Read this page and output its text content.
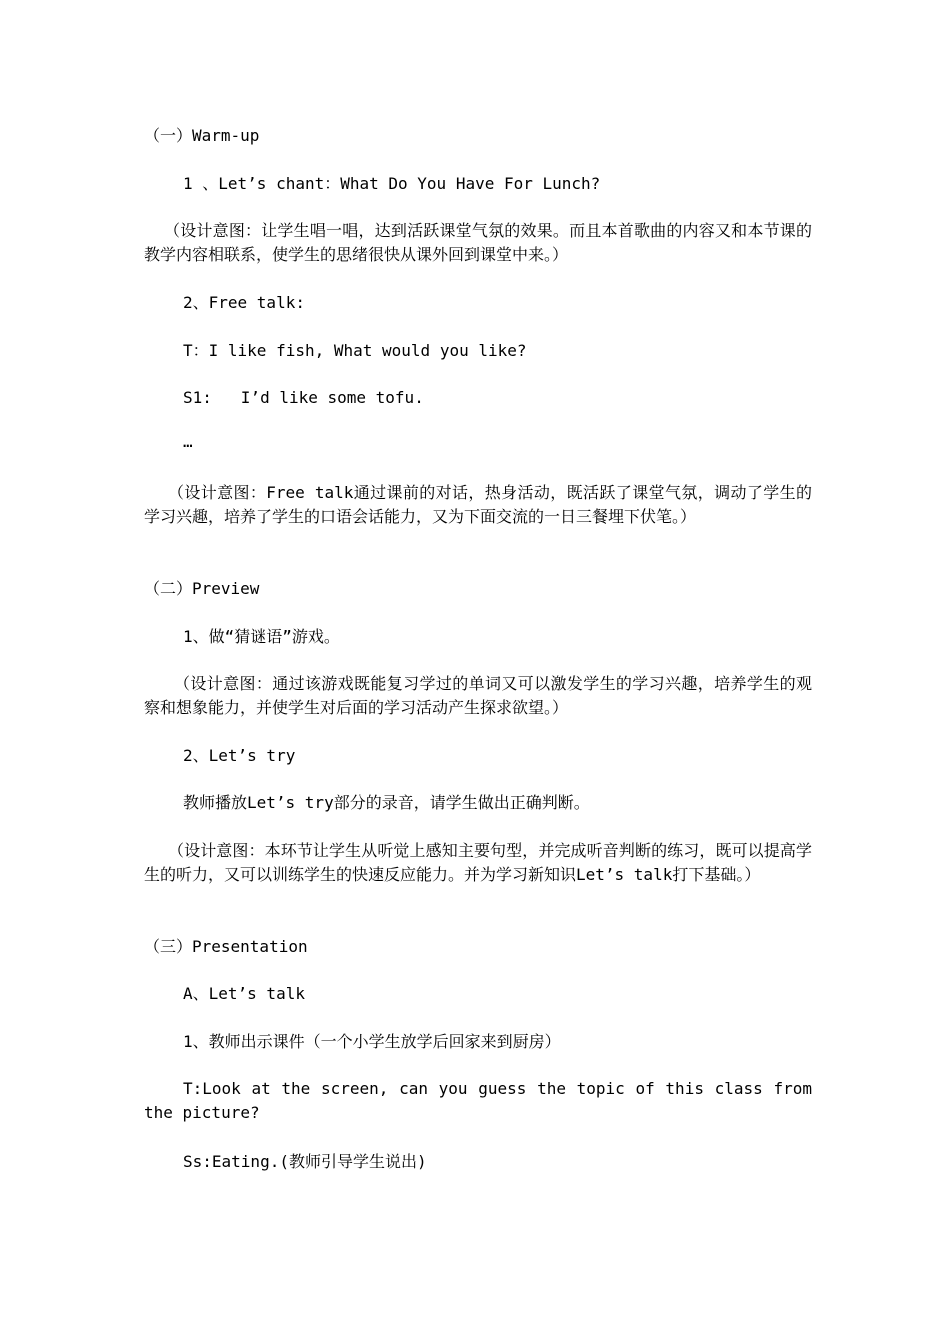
（一）Warm-up
1 、Let’s chant：What Do You Have For Lunch?
（设计意图：让学生唱一唱，达到活跃课堂气氛的效果。而且本首歌曲的内容又和本节课的教学内容相联系，使学生的思绪很快从课外回到课堂中来。）
2、Free talk:
T：I like fish, What would you like?
S1:   I’d like some tofu.
…
（设计意图：Free talk通过课前的对话，热身活动，既活跃了课堂气氛，调动了学生的学习兴趣，培养了学生的口语会话能力，又为下面交流的一日三餐埋下伏笔。）
（二）Preview
1、做“猜谜语”游戏。
（设计意图：通过该游戏既能复习学过的单词又可以激发学生的学习兴趣，培养学生的观察和想象能力，并使学生对后面的学习活动产生探求欲望。）
2、Let’s try
教师播放Let’s try部分的录音，请学生做出正确判断。
（设计意图：本环节让学生从听觉上感知主要句型，并完成听音判断的练习，既可以提高学生的听力，又可以训练学生的快速反应能力。并为学习新知识Let’s talk打下基础。）
（三）Presentation
A、Let’s talk
1、教师出示课件（一个小学生放学后回家来到厨房）
T:Look at the screen, can you guess the topic of this class from the picture?
Ss:Eating.(教师引导学生说出)
